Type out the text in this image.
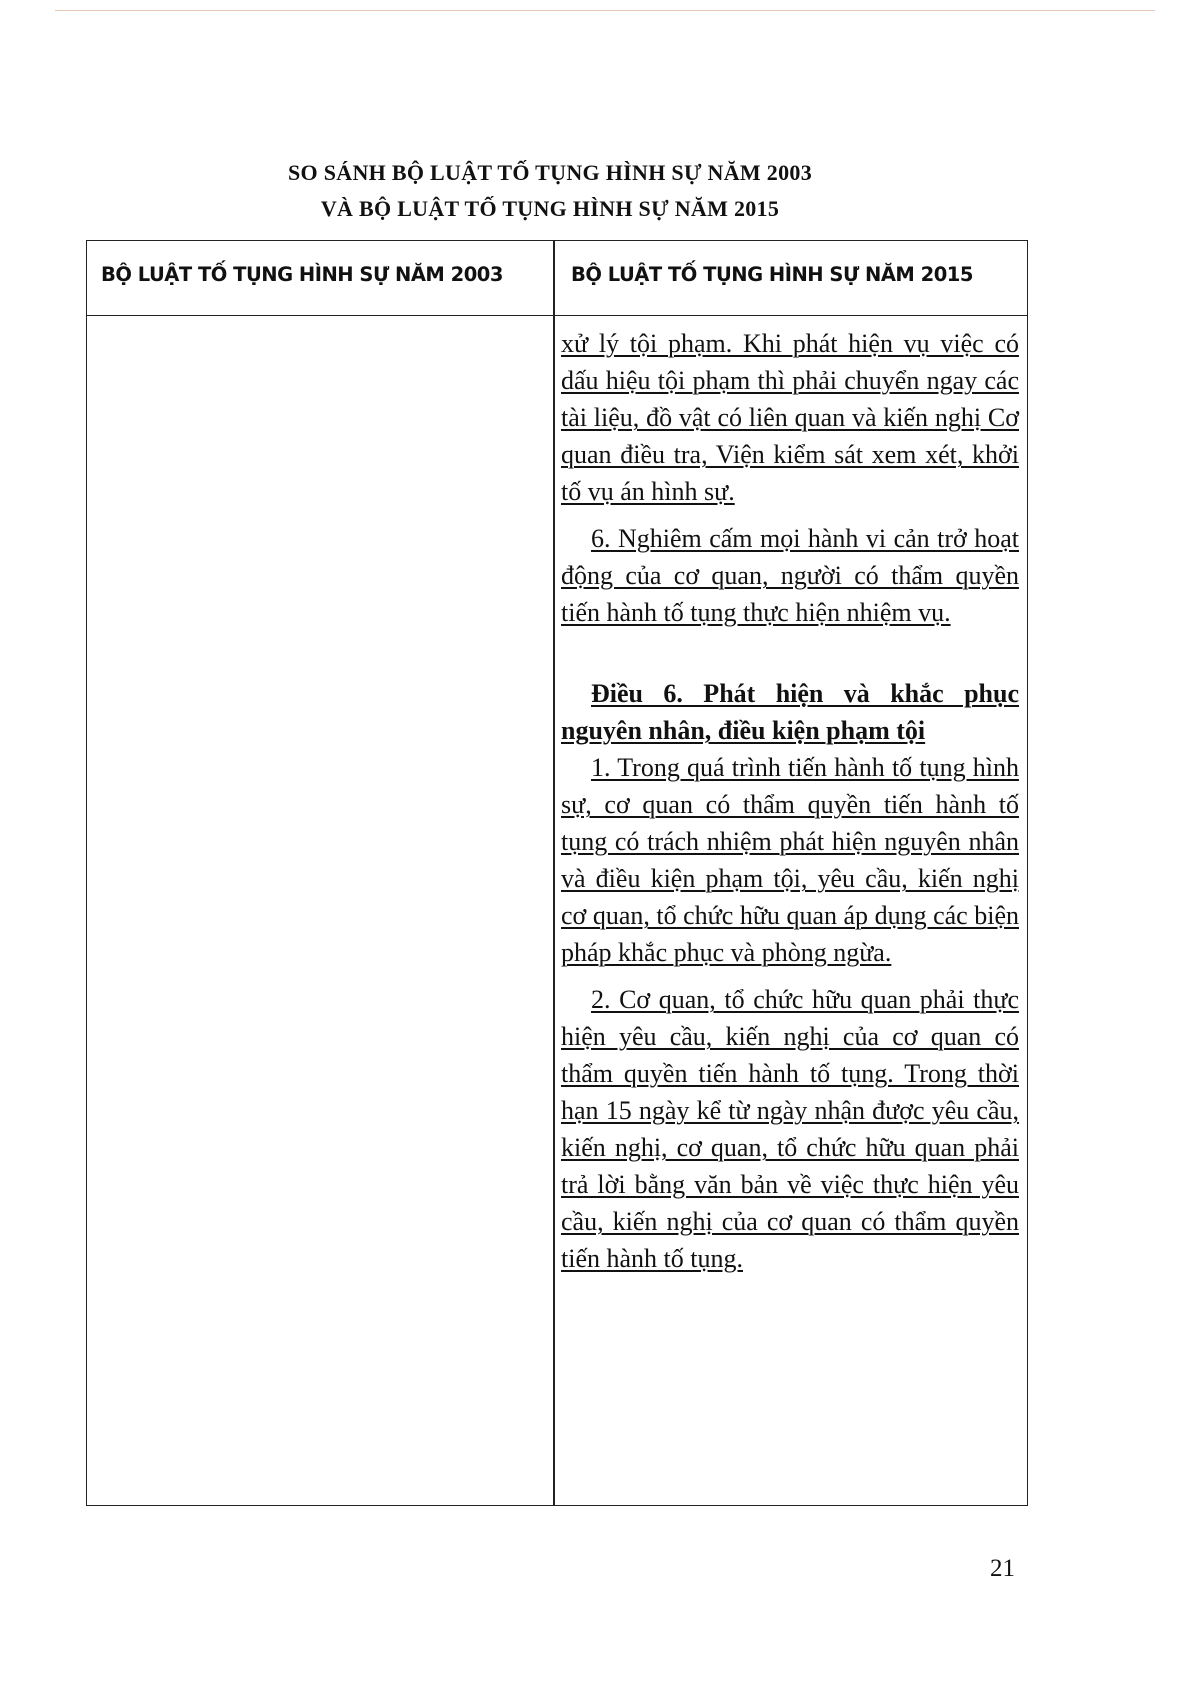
SO SÁNH BỘ LUẬT TỐ TỤNG HÌNH SỰ NĂM 2003
VÀ BỘ LUẬT TỐ TỤNG HÌNH SỰ NĂM 2015
BỘ LUẬT TỐ TỤNG HÌNH SỰ NĂM 2003	BỘ LUẬT TỐ TỤNG HÌNH SỰ NĂM 2015

xử lý tội phạm. Khi phát hiện vụ việc có dấu hiệu tội phạm thì phải chuyển ngay các tài liệu, đồ vật có liên quan và kiến nghị Cơ quan điều tra, Viện kiểm sát xem xét, khởi tố vụ án hình sự.

6. Nghiêm cấm mọi hành vi cản trở hoạt động của cơ quan, người có thẩm quyền tiến hành tố tụng thực hiện nhiệm vụ.

Điều 6. Phát hiện và khắc phục nguyên nhân, điều kiện phạm tội

1. Trong quá trình tiến hành tố tụng hình sự, cơ quan có thẩm quyền tiến hành tố tụng có trách nhiệm phát hiện nguyên nhân và điều kiện phạm tội, yêu cầu, kiến nghị cơ quan, tổ chức hữu quan áp dụng các biện pháp khắc phục và phòng ngừa.

2. Cơ quan, tổ chức hữu quan phải thực hiện yêu cầu, kiến nghị của cơ quan có thẩm quyền tiến hành tố tụng. Trong thời hạn 15 ngày kể từ ngày nhận được yêu cầu, kiến nghị, cơ quan, tổ chức hữu quan phải trả lời bằng văn bản về việc thực hiện yêu cầu, kiến nghị của cơ quan có thẩm quyền tiến hành tố tụng.

21
